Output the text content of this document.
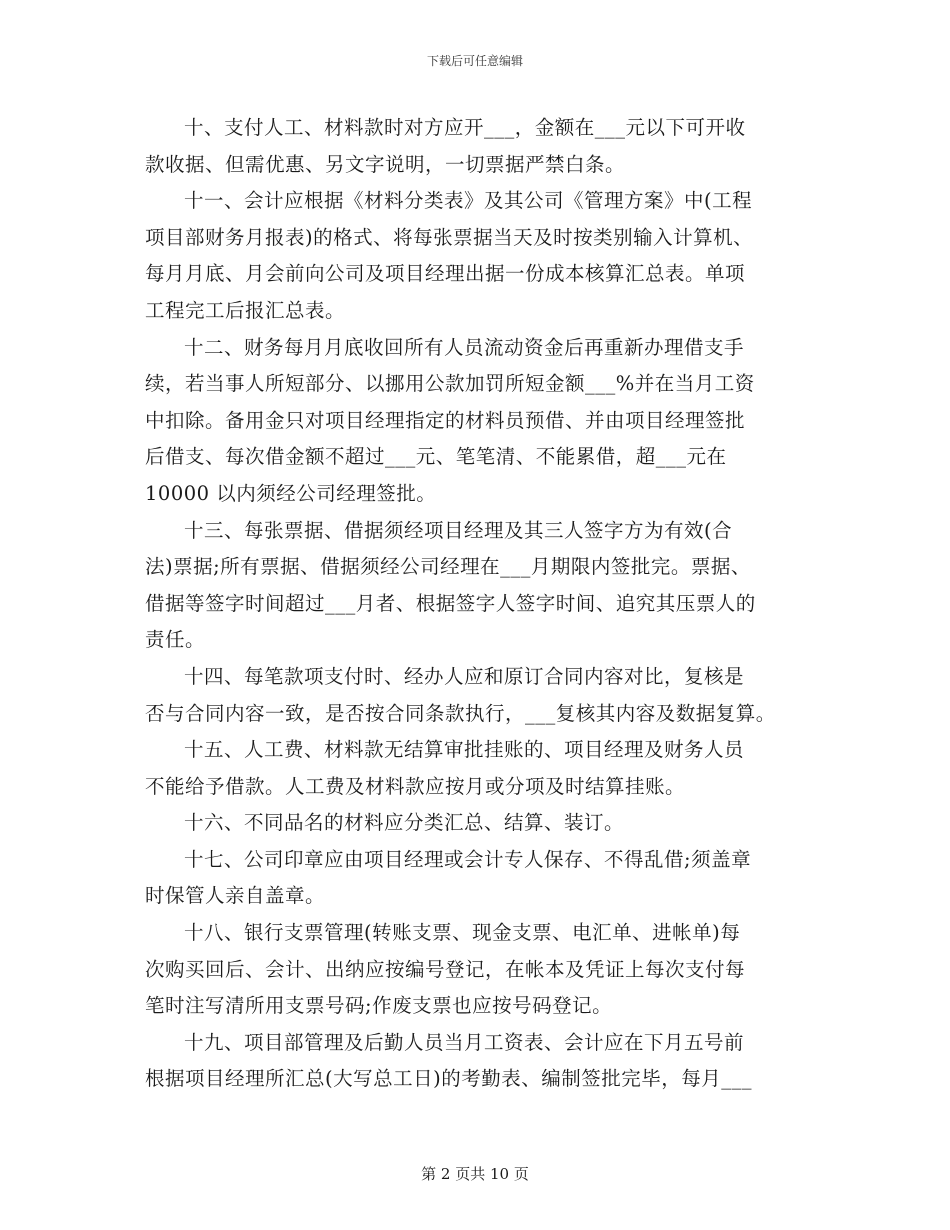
下载后可任意编辑

十、支付人工、材料款时对方应开___，金额在___元以下可开收
款收据、但需优惠、另文字说明，一切票据严禁白条。

十一、会计应根据《材料分类表》及其公司《管理方案》中(工程
项目部财务月报表)的格式、将每张票据当天及时按类别输入计算机、
每月月底、月会前向公司及项目经理出据一份成本核算汇总表。单项
工程完工后报汇总表。

十二、财务每月月底收回所有人员流动资金后再重新办理借支手
续，若当事人所短部分、以挪用公款加罚所短金额___%并在当月工资
中扣除。备用金只对项目经理指定的材料员预借、并由项目经理签批
后借支、每次借金额不超过___元、笔笔清、不能累借，超___元在
10000 以内须经公司经理签批。

十三、每张票据、借据须经项目经理及其三人签字方为有效(合
法)票据;所有票据、借据须经公司经理在___月期限内签批完。票据、
借据等签字时间超过___月者、根据签字人签字时间、追究其压票人的
责任。

十四、每笔款项支付时、经办人应和原订合同内容对比，复核是
否与合同内容一致，是否按合同条款执行，___复核其内容及数据复算。

十五、人工费、材料款无结算审批挂账的、项目经理及财务人员
不能给予借款。人工费及材料款应按月或分项及时结算挂账。

十六、不同品名的材料应分类汇总、结算、装订。

十七、公司印章应由项目经理或会计专人保存、不得乱借;须盖章
时保管人亲自盖章。

十八、银行支票管理(转账支票、现金支票、电汇单、进帐单)每
次购买回后、会计、出纳应按编号登记，在帐本及凭证上每次支付每
笔时注写清所用支票号码;作废支票也应按号码登记。

十九、项目部管理及后勤人员当月工资表、会计应在下月五号前
根据项目经理所汇总(大写总工日)的考勤表、编制签批完毕，每月___

第 2 页共 10 页
